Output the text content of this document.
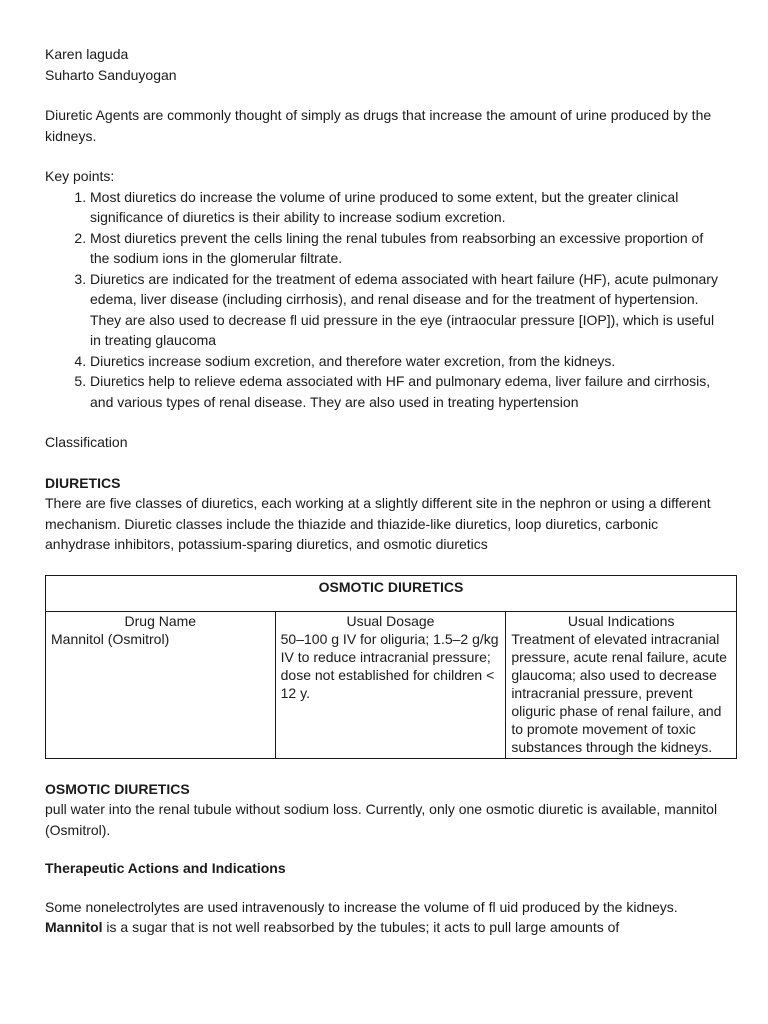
Karen laguda

Suharto Sanduyogan

Diuretic Agents are commonly thought of simply as drugs that increase the amount of urine produced by the kidneys.

Key points:

1. Most diuretics do increase the volume of urine produced to some extent, but the greater clinical significance of diuretics is their ability to increase sodium excretion.
2. Most diuretics prevent the cells lining the renal tubules from reabsorbing an excessive proportion of the sodium ions in the glomerular filtrate.
3. Diuretics are indicated for the treatment of edema associated with heart failure (HF), acute pulmonary edema, liver disease (including cirrhosis), and renal disease and for the treatment of hypertension. They are also used to decrease fl uid pressure in the eye (intraocular pressure [IOP]), which is useful in treating glaucoma
4. Diuretics increase sodium excretion, and therefore water excretion, from the kidneys.
5. Diuretics help to relieve edema associated with HF and pulmonary edema, liver failure and cirrhosis, and various types of renal disease. They are also used in treating hypertension

Classification

DIURETICS

There are five classes of diuretics, each working at a slightly different site in the nephron or using a different mechanism. Diuretic classes include the thiazide and thiazide-like diuretics, loop diuretics, carbonic anhydrase inhibitors, potassium-sparing diuretics, and osmotic diuretics

OSMOTIC DIURETICS		
Drug Name	Usual Dosage	Usual Indications
Mannitol (Osmitrol)	50–100 g IV for oliguria; 1.5–2 g/kg IV to reduce intracranial pressure; dose not established for children < 12 y.	Treatment of elevated intracranial pressure, acute renal failure, acute glaucoma; also used to decrease intracranial pressure, prevent oliguric phase of renal failure, and to promote movement of toxic substances through the kidneys.

OSMOTIC DIURETICS

pull water into the renal tubule without sodium loss. Currently, only one osmotic diuretic is available, mannitol (Osmitrol).

Therapeutic Actions and Indications

Some nonelectrolytes are used intravenously to increase the volume of fl uid produced by the kidneys. Mannitol is a sugar that is not well reabsorbed by the tubules; it acts to pull large amounts of
